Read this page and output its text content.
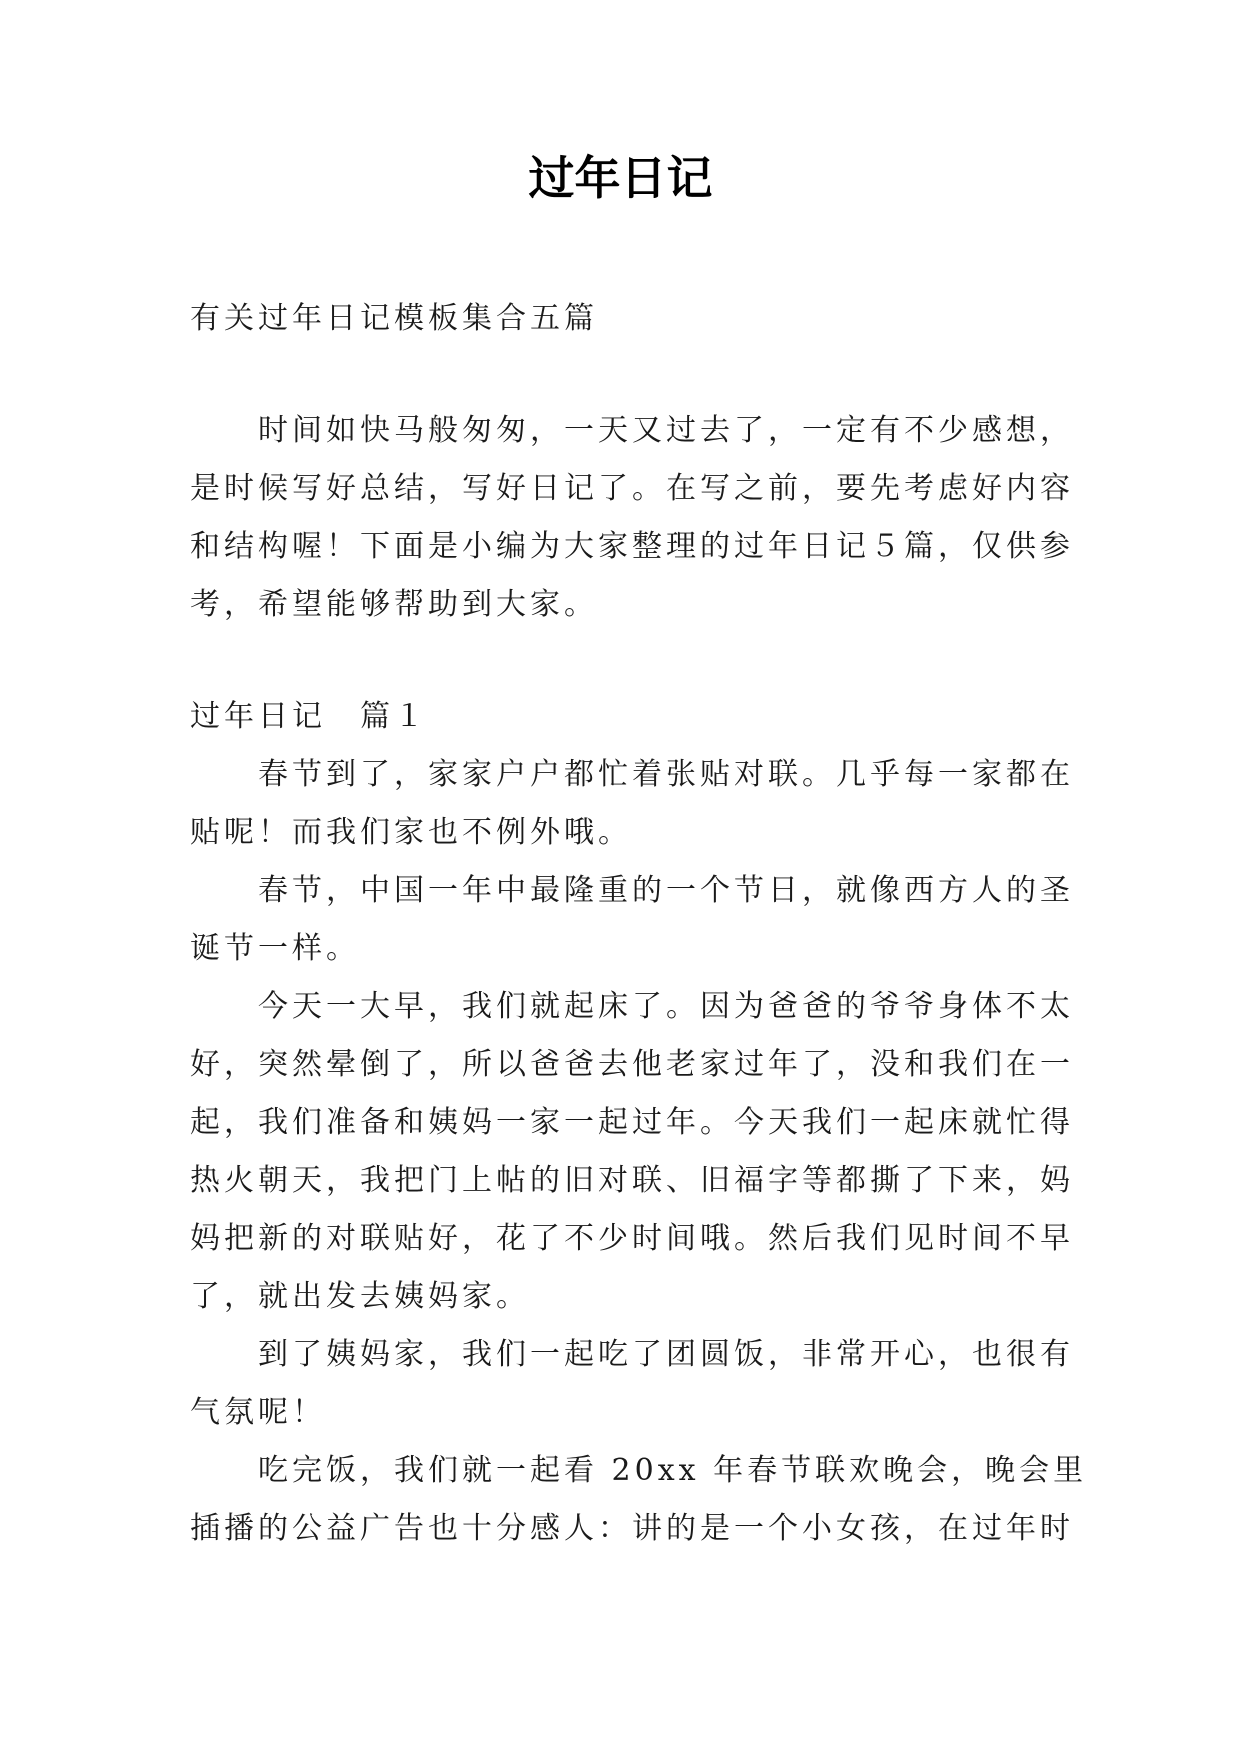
过年日记

有关过年日记模板集合五篇

时间如快马般匆匆，一天又过去了，一定有不少感想，
是时候写好总结，写好日记了。在写之前，要先考虑好内容
和结构喔！下面是小编为大家整理的过年日记５篇，仅供参
考，希望能够帮助到大家。

过年日记　篇１

春节到了，家家户户都忙着张贴对联。几乎每一家都在
贴呢！而我们家也不例外哦。

春节，中国一年中最隆重的一个节日，就像西方人的圣
诞节一样。

今天一大早，我们就起床了。因为爸爸的爷爷身体不太
好，突然晕倒了，所以爸爸去他老家过年了，没和我们在一
起，我们准备和姨妈一家一起过年。今天我们一起床就忙得
热火朝天，我把门上帖的旧对联、旧福字等都撕了下来，妈
妈把新的对联贴好，花了不少时间哦。然后我们见时间不早
了，就出发去姨妈家。

到了姨妈家，我们一起吃了团圆饭，非常开心，也很有
气氛呢！

吃完饭，我们就一起看 20xx 年春节联欢晚会，晚会里
插播的公益广告也十分感人：讲的是一个小女孩，在过年时
